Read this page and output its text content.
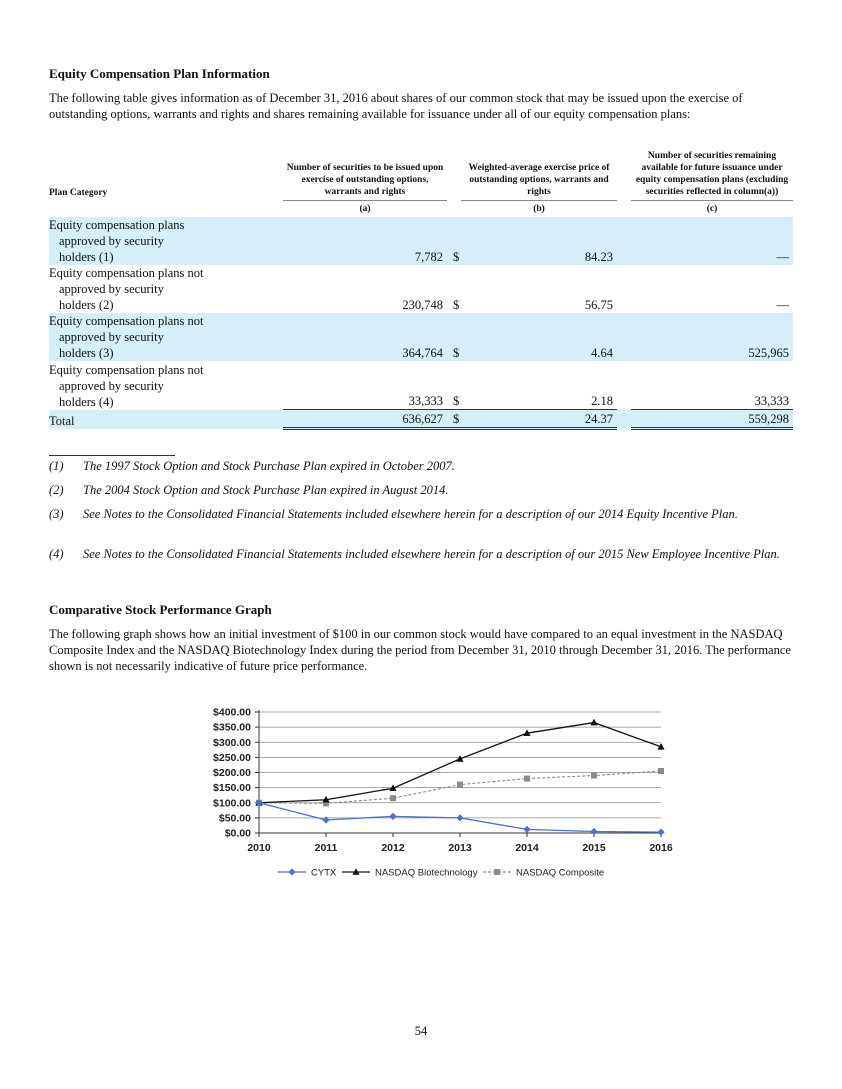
Equity Compensation Plan Information
The following table gives information as of December 31, 2016 about shares of our common stock that may be issued upon the exercise of outstanding options, warrants and rights and shares remaining available for issuance under all of our equity compensation plans:
Plan Category	Number of securities to be issued upon exercise of outstanding options, warrants and rights		Weighted-average exercise price of outstanding options, warrants and rights		Number of securities remaining available for future issuance under equity compensation plans (excluding securities reflected in column(a))
	(a)		(b)		(c)

Equity compensation plans
approved by security
holders (1)	7,782	$	84.23		—

Equity compensation plans not
approved by security
holders (2)	230,748	$	56.75		—

Equity compensation plans not
approved by security
holders (3)	364,764	$	4.64		525,965

Equity compensation plans not
approved by security
holders (4)	33,333	$	2.18		33,333
Total	636,627	$	24.37		559,298
(1) The 1997 Stock Option and Stock Purchase Plan expired in October 2007.
(2) The 2004 Stock Option and Stock Purchase Plan expired in August 2014.
(3) See Notes to the Consolidated Financial Statements included elsewhere herein for a description of our 2014 Equity Incentive Plan.
(4) See Notes to the Consolidated Financial Statements included elsewhere herein for a description of our 2015 New Employee Incentive Plan.
Comparative Stock Performance Graph
The following graph shows how an initial investment of $100 in our common stock would have compared to an equal investment in the NASDAQ Composite Index and the NASDAQ Biotechnology Index during the period from December 31, 2010 through December 31, 2016. The performance shown is not necessarily indicative of future price performance.
$0.00
$50.00
$100.00
$150.00
$200.00
$250.00
$300.00
$350.00
$400.00
2010	2011	2012	2013	2014	2015	2016
CYTX	NASDAQ Biotechnology	NASDAQ Composite
54
